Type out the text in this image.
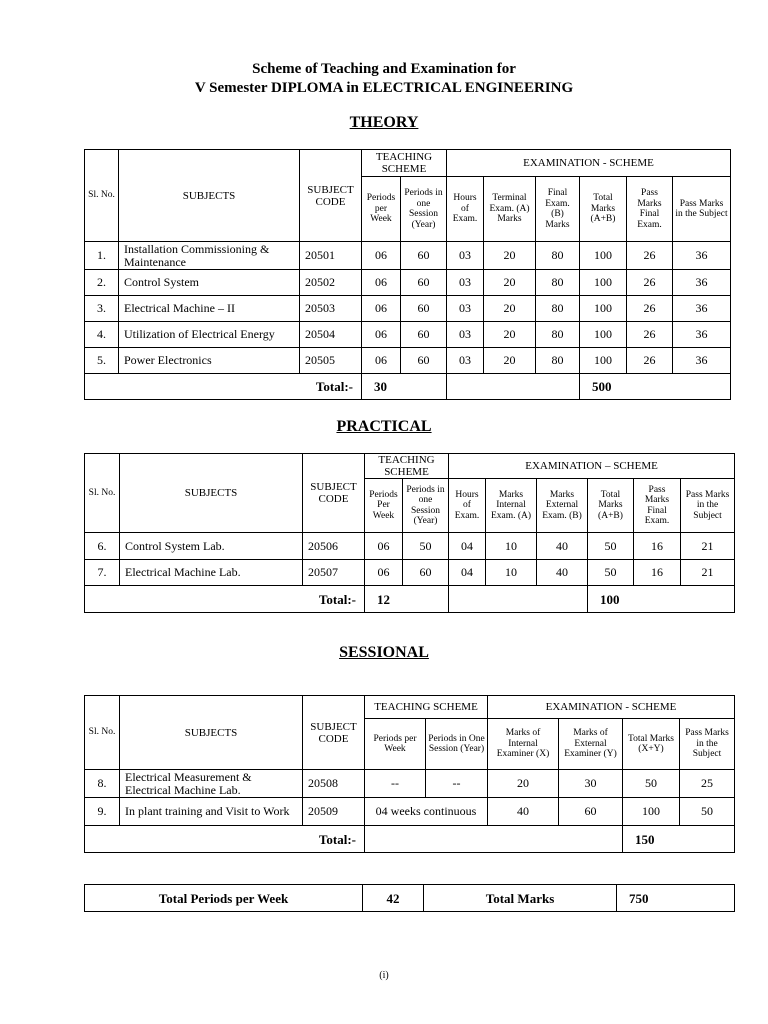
Scheme of Teaching and Examination for
V Semester DIPLOMA in ELECTRICAL ENGINEERING
THEORY
Sl. No.	SUBJECTS	SUBJECT CODE	TEACHING SCHEME		EXAMINATION - SCHEME					
			Periods per Week	Periods in one Session (Year)	Hours of Exam.	Terminal Exam. (A) Marks	Final Exam. (B) Marks	Total Marks (A+B)	Pass Marks Final Exam.	Pass Marks in the Subject
1.	Installation Commissioning & Maintenance	20501	06	60	03	20	80	100	26	36
2.	Control System	20502	06	60	03	20	80	100	26	36
3.	Electrical Machine – II	20503	06	60	03	20	80	100	26	36
4.	Utilization of Electrical Energy	20504	06	60	03	20	80	100	26	36
5.	Power Electronics	20505	06	60	03	20	80	100	26	36
Total:-			30					500		
PRACTICAL
Sl. No.	SUBJECTS	SUBJECT CODE	TEACHING SCHEME		EXAMINATION – SCHEME					
			Periods Per Week	Periods in one Session (Year)	Hours of Exam.	Marks Internal Exam. (A)	Marks External Exam. (B)	Total Marks (A+B)	Pass Marks Final Exam.	Pass Marks in the Subject
6.	Control System Lab.	20506	06	50	04	10	40	50	16	21
7.	Electrical Machine Lab.	20507	06	60	04	10	40	50	16	21
Total:-			12					100		
SESSIONAL
Sl. No.	SUBJECTS	SUBJECT CODE	TEACHING SCHEME		EXAMINATION - SCHEME			
			Periods per Week	Periods in One Session (Year)	Marks of Internal Examiner (X)	Marks of External Examiner (Y)	Total Marks (X+Y)	Pass Marks in the Subject
8.	Electrical Measurement & Electrical Machine Lab.	20508	--	--	20	30	50	25
9.	In plant training and Visit to Work	20509	04 weeks continuous		40	60	100	50
Total:-							150	
Total Periods per Week	42	Total Marks	750
(i)
